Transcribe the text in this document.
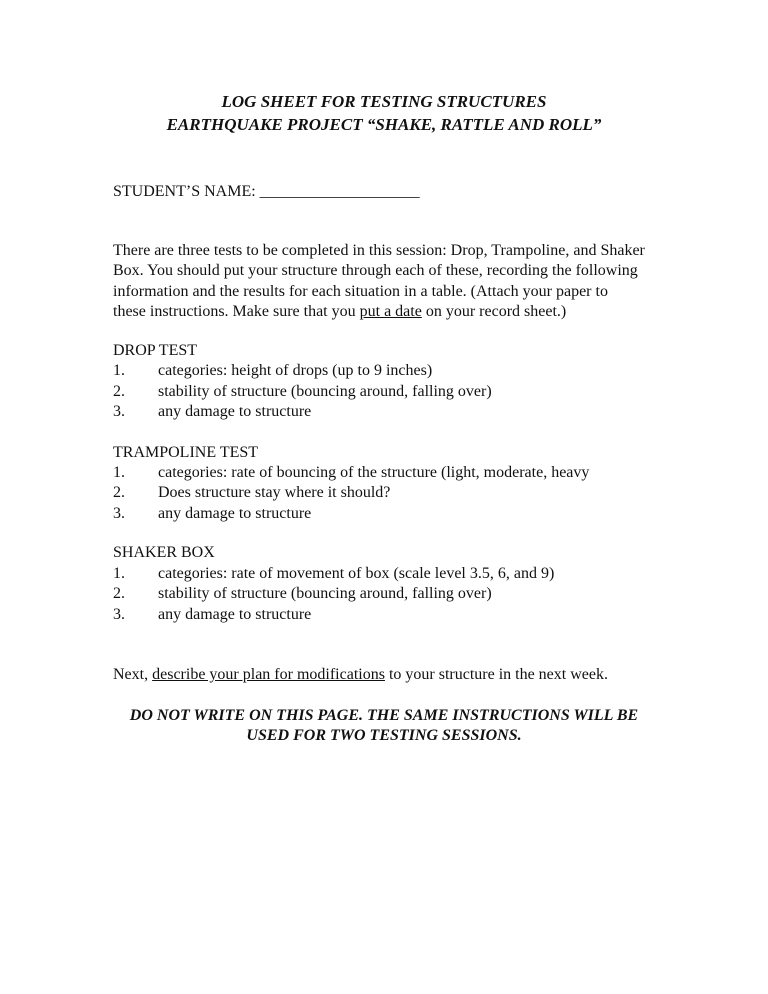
LOG SHEET FOR TESTING STRUCTURES
EARTHQUAKE PROJECT “SHAKE, RATTLE AND ROLL”
STUDENT’S NAME: ____________________
There are three tests to be completed in this session: Drop, Trampoline, and Shaker
Box. You should put your structure through each of these, recording the following
information and the results for each situation in a table. (Attach your paper to
these instructions. Make sure that you put a date on your record sheet.)
DROP TEST
1. categories: height of drops (up to 9 inches)
2. stability of structure (bouncing around, falling over)
3. any damage to structure
TRAMPOLINE TEST
1. categories: rate of bouncing of the structure (light, moderate, heavy
2. Does structure stay where it should?
3. any damage to structure
SHAKER BOX
1. categories: rate of movement of box (scale level 3.5, 6, and 9)
2. stability of structure (bouncing around, falling over)
3. any damage to structure
Next, describe your plan for modifications to your structure in the next week.
DO NOT WRITE ON THIS PAGE. THE SAME INSTRUCTIONS WILL BE
USED FOR TWO TESTING SESSIONS.
